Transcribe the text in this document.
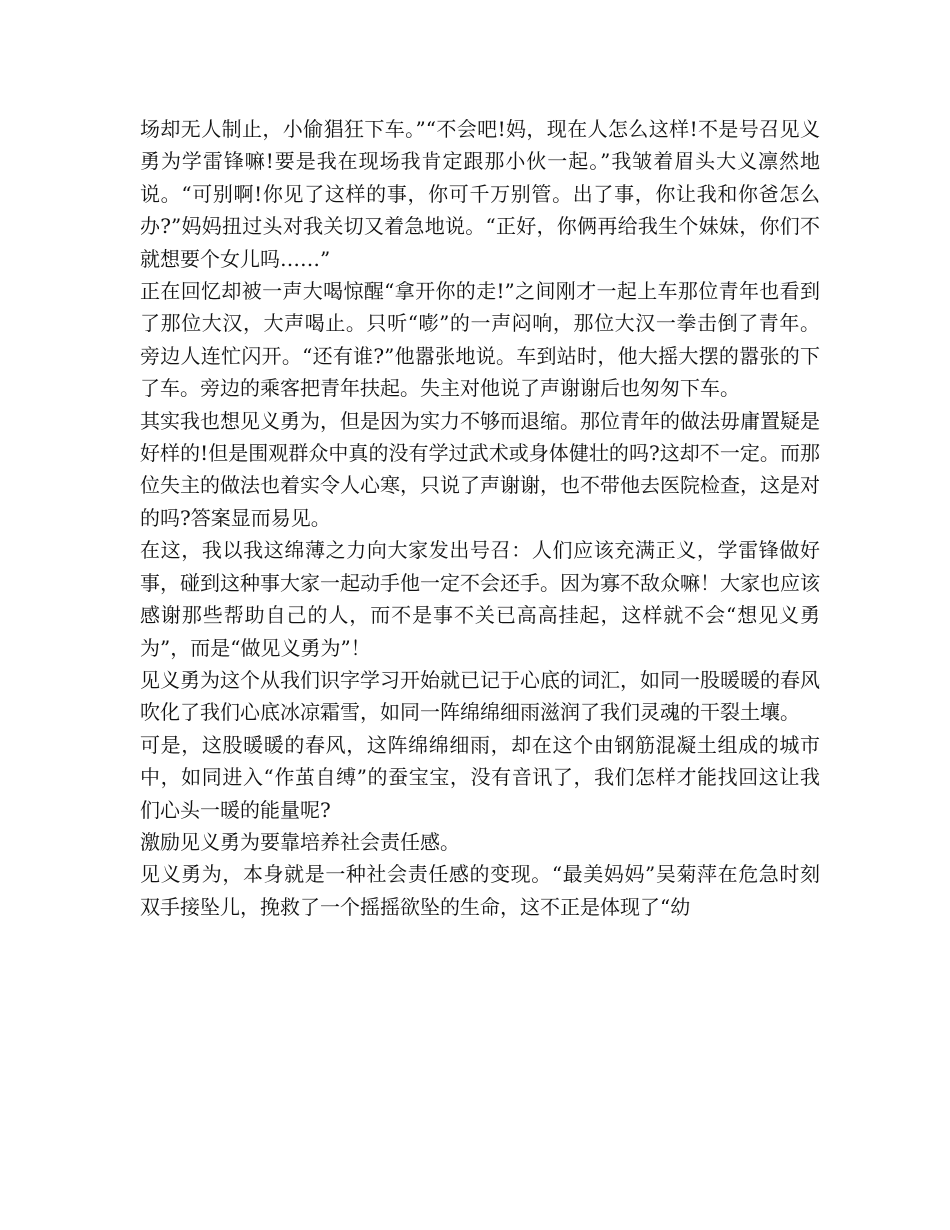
场却无人制止，小偷猖狂下车。”“不会吧!妈，现在人怎么这样!不是号召见义勇为学雷锋嘛!要是我在现场我肯定跟那小伙一起。”我皱着眉头大义凛然地说。“可别啊!你见了这样的事，你可千万别管。出了事，你让我和你爸怎么办?”妈妈扭过头对我关切又着急地说。“正好，你俩再给我生个妹妹，你们不就想要个女儿吗……”

正在回忆却被一声大喝惊醒“拿开你的走!”之间刚才一起上车那位青年也看到了那位大汉，大声喝止。只听“嘭”的一声闷响，那位大汉一拳击倒了青年。旁边人连忙闪开。“还有谁?”他嚣张地说。车到站时，他大摇大摆的嚣张的下了车。旁边的乘客把青年扶起。失主对他说了声谢谢后也匆匆下车。

其实我也想见义勇为，但是因为实力不够而退缩。那位青年的做法毋庸置疑是好样的!但是围观群众中真的没有学过武术或身体健壮的吗?这却不一定。而那位失主的做法也着实令人心寒，只说了声谢谢，也不带他去医院检查，这是对的吗?答案显而易见。

在这，我以我这绵薄之力向大家发出号召：人们应该充满正义，学雷锋做好事，碰到这种事大家一起动手他一定不会还手。因为寡不敌众嘛！大家也应该感谢那些帮助自己的人，而不是事不关已高高挂起，这样就不会“想见义勇为”，而是“做见义勇为”！

见义勇为这个从我们识字学习开始就已记于心底的词汇，如同一股暖暖的春风吹化了我们心底冰凉霜雪，如同一阵绵绵细雨滋润了我们灵魂的干裂土壤。

可是，这股暖暖的春风，这阵绵绵细雨，却在这个由钢筋混凝土组成的城市中，如同进入“作茧自缚”的蚕宝宝，没有音讯了，我们怎样才能找回这让我们心头一暖的能量呢?

激励见义勇为要靠培养社会责任感。

见义勇为，本身就是一种社会责任感的变现。“最美妈妈”吴菊萍在危急时刻双手接坠儿，挽救了一个摇摇欲坠的生命，这不正是体现了“幼
